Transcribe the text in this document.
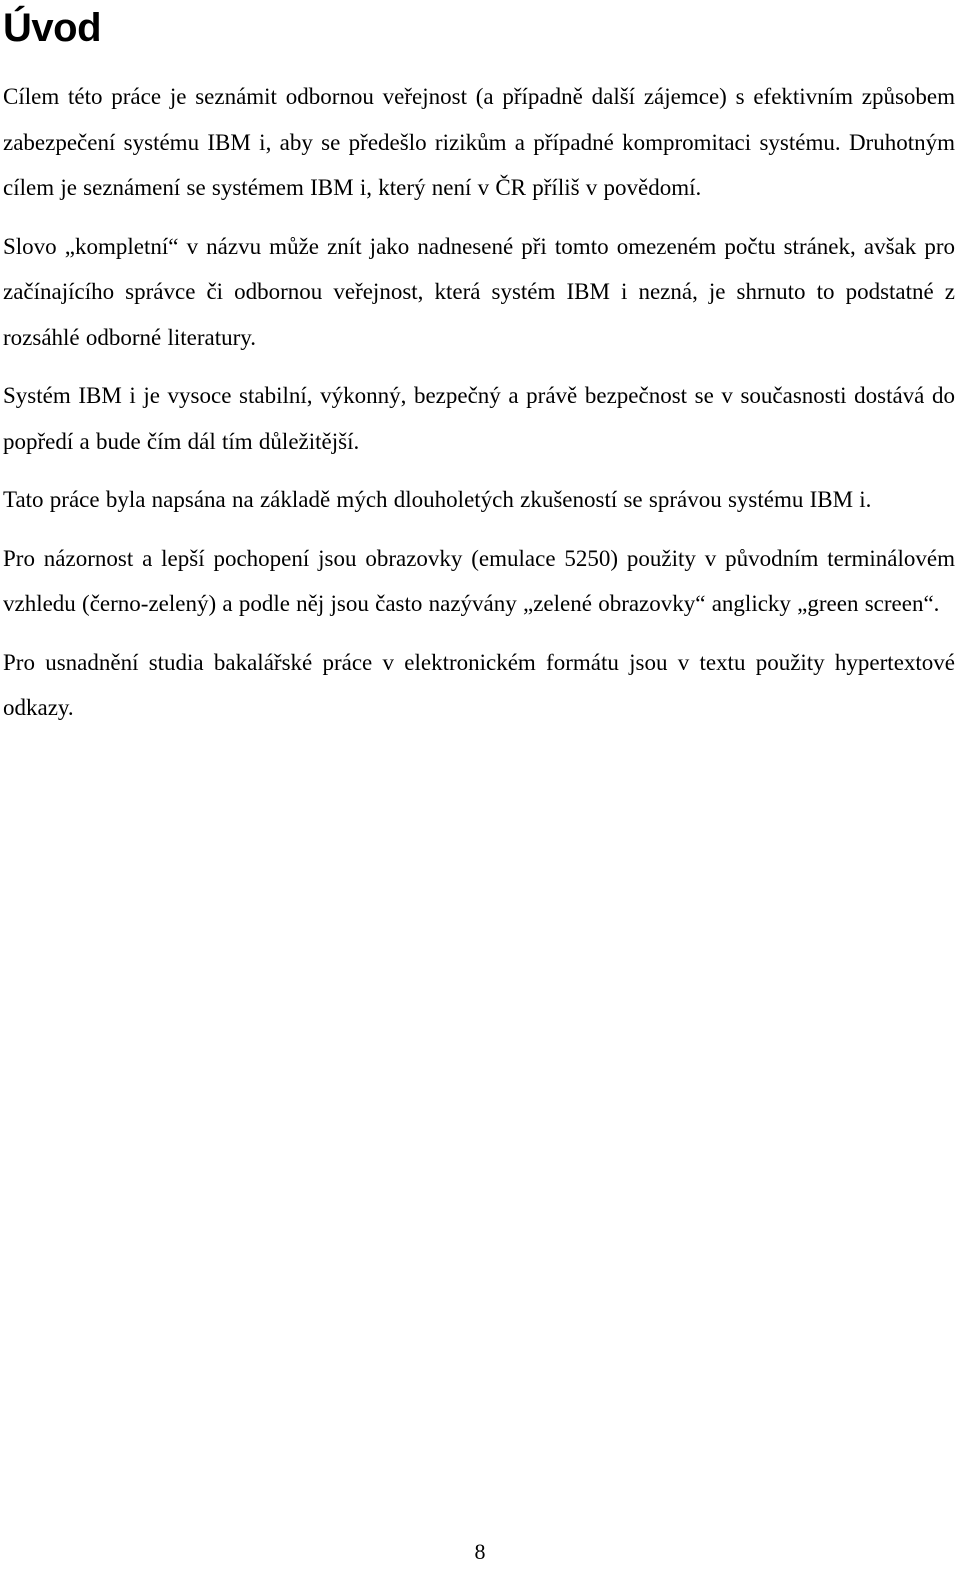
Úvod

Cílem této práce je seznámit odbornou veřejnost (a případně další zájemce) s efektivním způsobem zabezpečení systému IBM i, aby se předešlo rizikům a případné kompromitaci systému. Druhotným cílem je seznámení se systémem IBM i, který není v ČR příliš v povědomí.

Slovo „kompletní“ v názvu může znít jako nadnesené při tomto omezeném počtu stránek, avšak pro začínajícího správce či odbornou veřejnost, která systém IBM i nezná, je shrnuto to podstatné z rozsáhlé odborné literatury.

Systém IBM i je vysoce stabilní, výkonný, bezpečný a právě bezpečnost se v současnosti dostává do popředí a bude čím dál tím důležitější.

Tato práce byla napsána na základě mých dlouholetých zkušeností se správou systému IBM i.

Pro názornost a lepší pochopení jsou obrazovky (emulace 5250) použity v původním terminálovém vzhledu (černo-zelený) a podle něj jsou často nazývány „zelené obrazovky“ anglicky „green screen“.

Pro usnadnění studia bakalářské práce v elektronickém formátu jsou v textu použity hypertextové odkazy.

8
